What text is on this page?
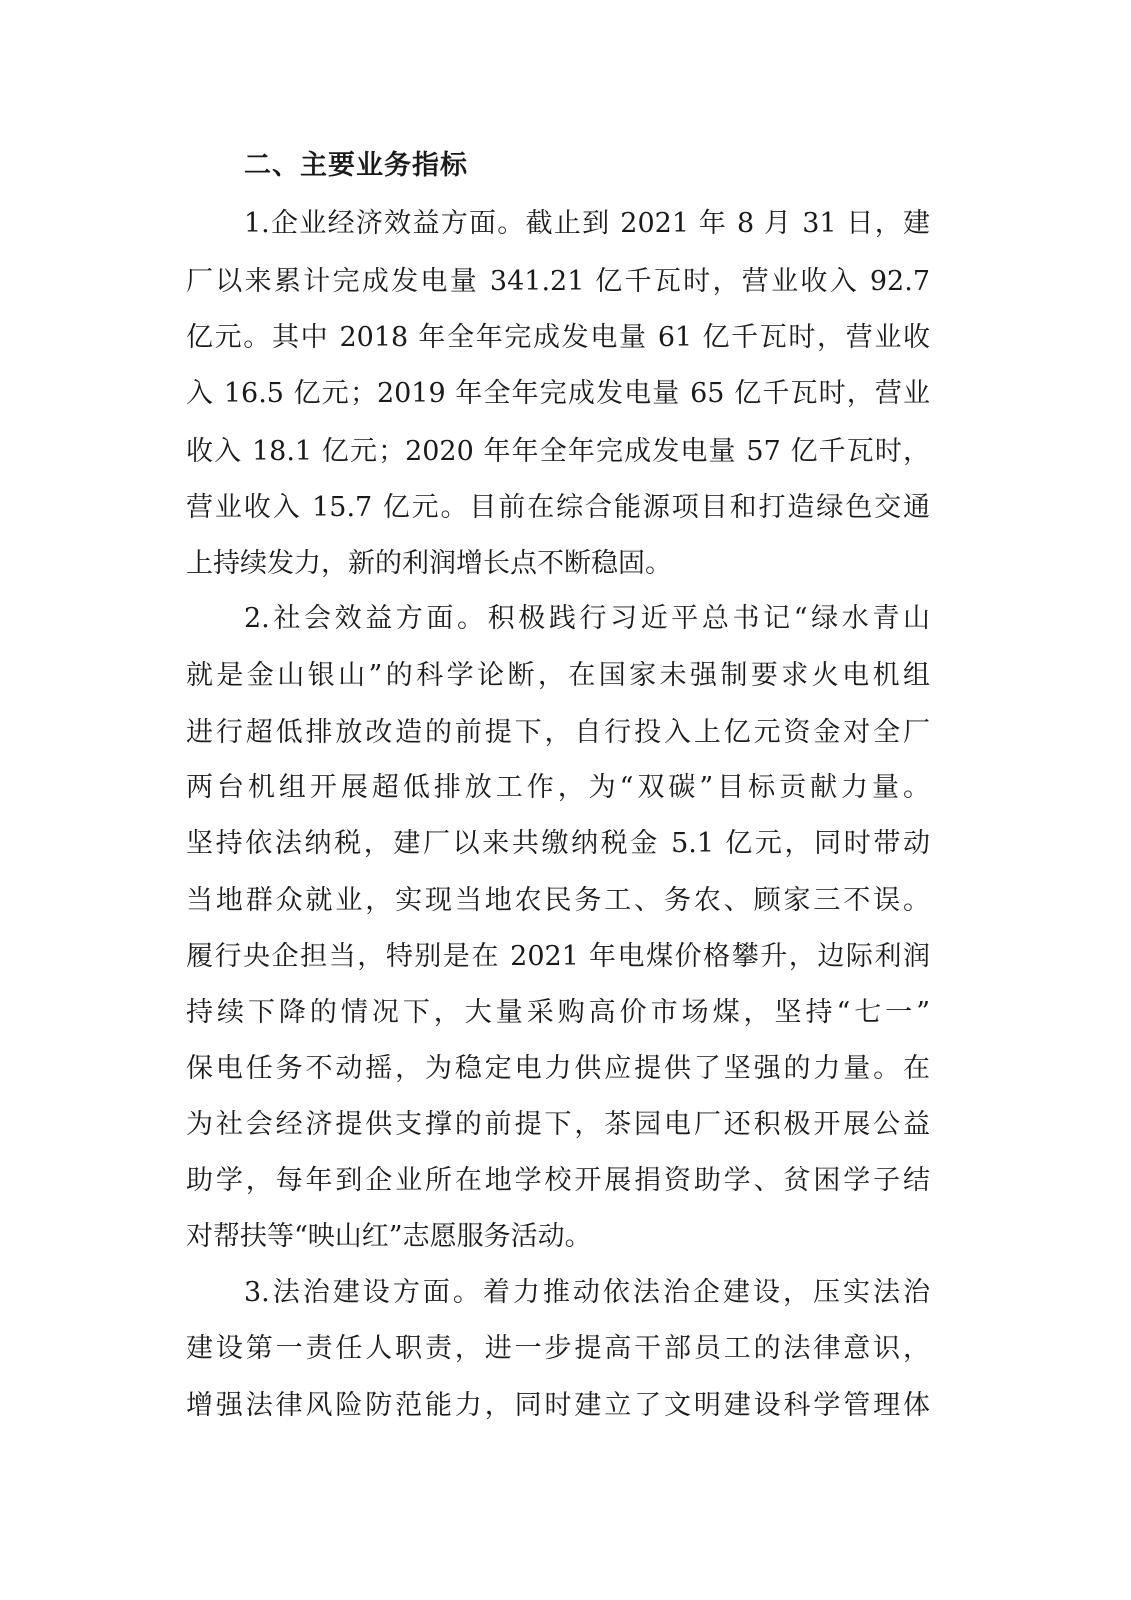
二、主要业务指标

1.企业经济效益方面。截止到 2021 年 8 月 31 日，建

厂以来累计完成发电量 341.21 亿千瓦时，营业收入 92.7

亿元。其中 2018 年全年完成发电量 61 亿千瓦时，营业收

入 16.5 亿元；2019 年全年完成发电量 65 亿千瓦时，营业

收入 18.1 亿元；2020 年年全年完成发电量 57 亿千瓦时，

营业收入 15.7 亿元。目前在综合能源项目和打造绿色交通

上持续发力，新的利润增长点不断稳固。

2.社会效益方面。积极践行习近平总书记“绿水青山

就是金山银山”的科学论断，在国家未强制要求火电机组

进行超低排放改造的前提下，自行投入上亿元资金对全厂

两台机组开展超低排放工作，为“双碳”目标贡献力量。

坚持依法纳税，建厂以来共缴纳税金 5.1 亿元，同时带动

当地群众就业，实现当地农民务工、务农、顾家三不误。

履行央企担当，特别是在 2021 年电煤价格攀升，边际利润

持续下降的情况下，大量采购高价市场煤，坚持“七一”

保电任务不动摇，为稳定电力供应提供了坚强的力量。在

为社会经济提供支撑的前提下，茶园电厂还积极开展公益

助学，每年到企业所在地学校开展捐资助学、贫困学子结

对帮扶等“映山红”志愿服务活动。

3.法治建设方面。着力推动依法治企建设，压实法治

建设第一责任人职责，进一步提高干部员工的法律意识，

增强法律风险防范能力，同时建立了文明建设科学管理体
